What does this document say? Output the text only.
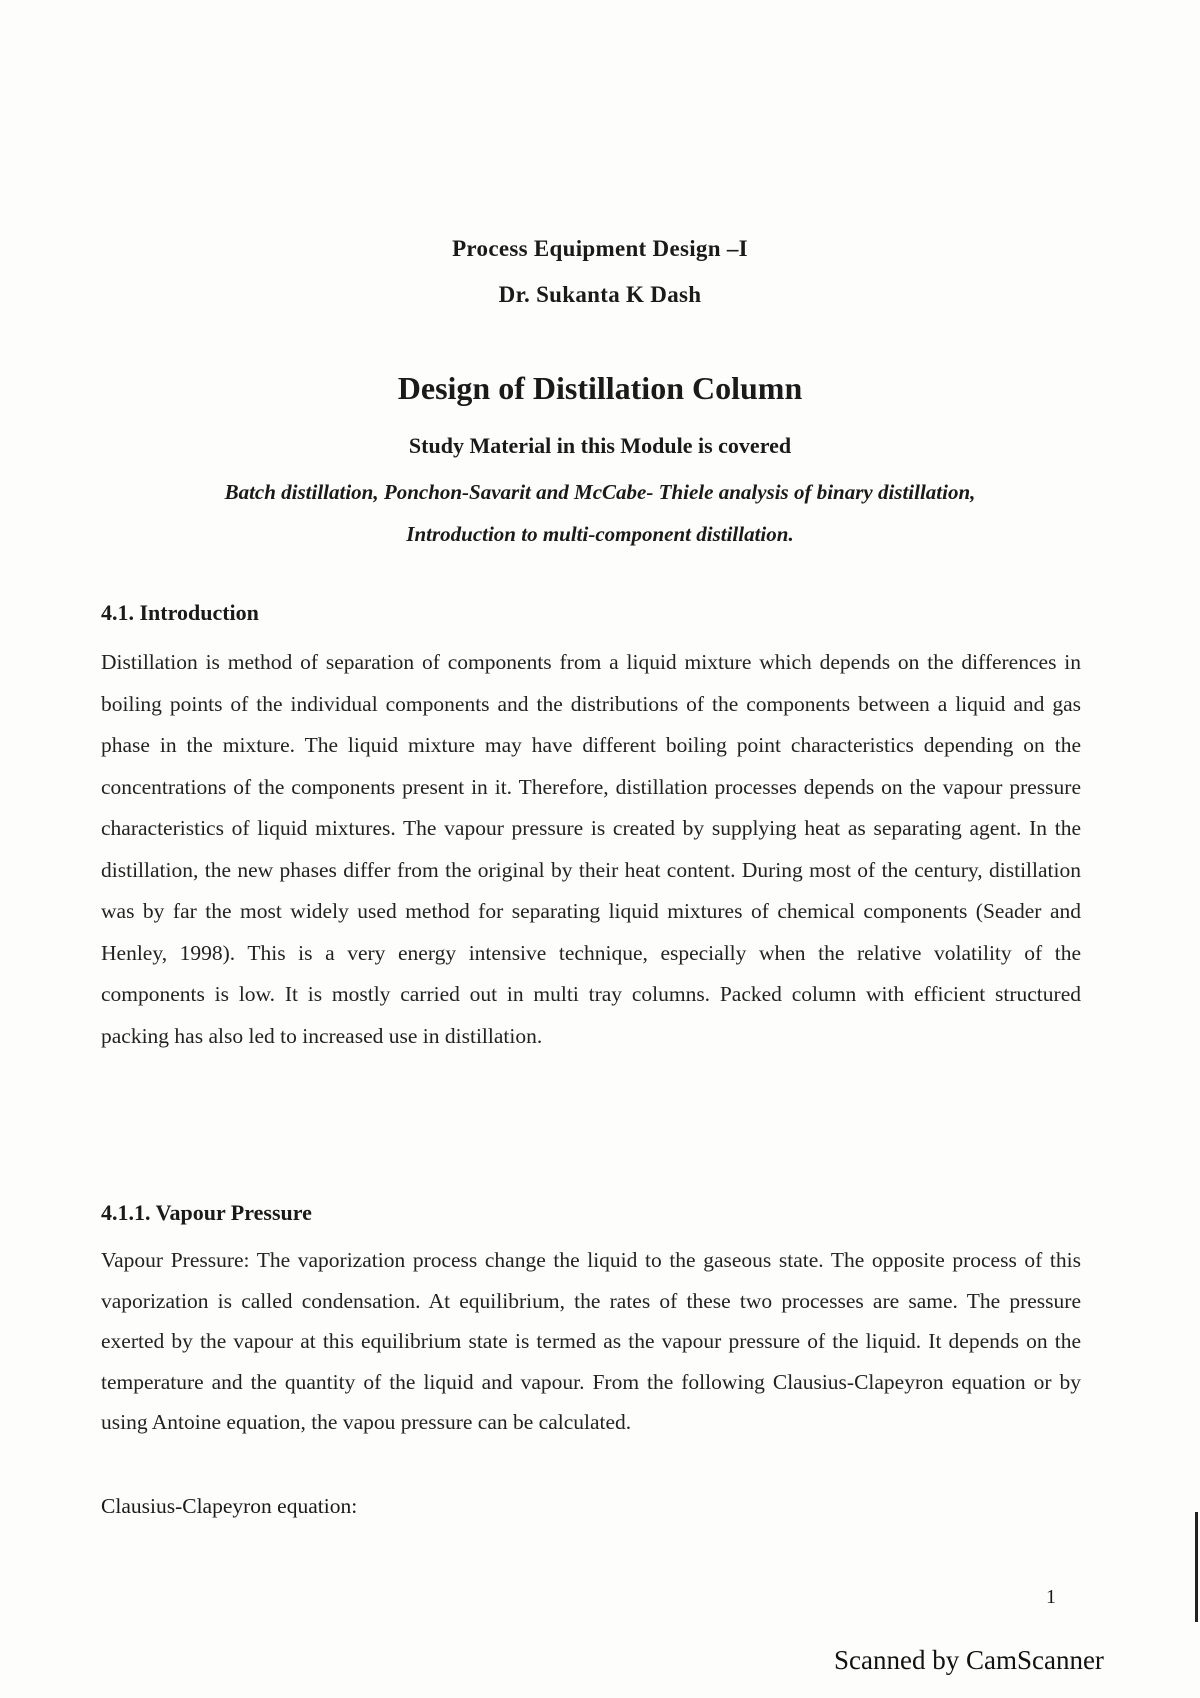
Process Equipment Design –I
Dr. Sukanta K Dash
Design of Distillation Column
Study Material in this Module is covered
Batch distillation, Ponchon-Savarit and McCabe- Thiele analysis of binary distillation,
Introduction to multi-component distillation.
4.1. Introduction
Distillation is method of separation of components from a liquid mixture which depends on the differences in boiling points of the individual components and the distributions of the components between a liquid and gas phase in the mixture. The liquid mixture may have different boiling point characteristics depending on the concentrations of the components present in it. Therefore, distillation processes depends on the vapour pressure characteristics of liquid mixtures. The vapour pressure is created by supplying heat as separating agent. In the distillation, the new phases differ from the original by their heat content. During most of the century, distillation was by far the most widely used method for separating liquid mixtures of chemical components (Seader and Henley, 1998). This is a very energy intensive technique, especially when the relative volatility of the components is low. It is mostly carried out in multi tray columns. Packed column with efficient structured packing has also led to increased use in distillation.
4.1.1. Vapour Pressure
Vapour Pressure: The vaporization process change the liquid to the gaseous state. The opposite process of this vaporization is called condensation. At equilibrium, the rates of these two processes are same. The pressure exerted by the vapour at this equilibrium state is termed as the vapour pressure of the liquid. It depends on the temperature and the quantity of the liquid and vapour. From the following Clausius-Clapeyron equation or by using Antoine equation, the vapou pressure can be calculated.
Clausius-Clapeyron equation:
1
Scanned by CamScanner
